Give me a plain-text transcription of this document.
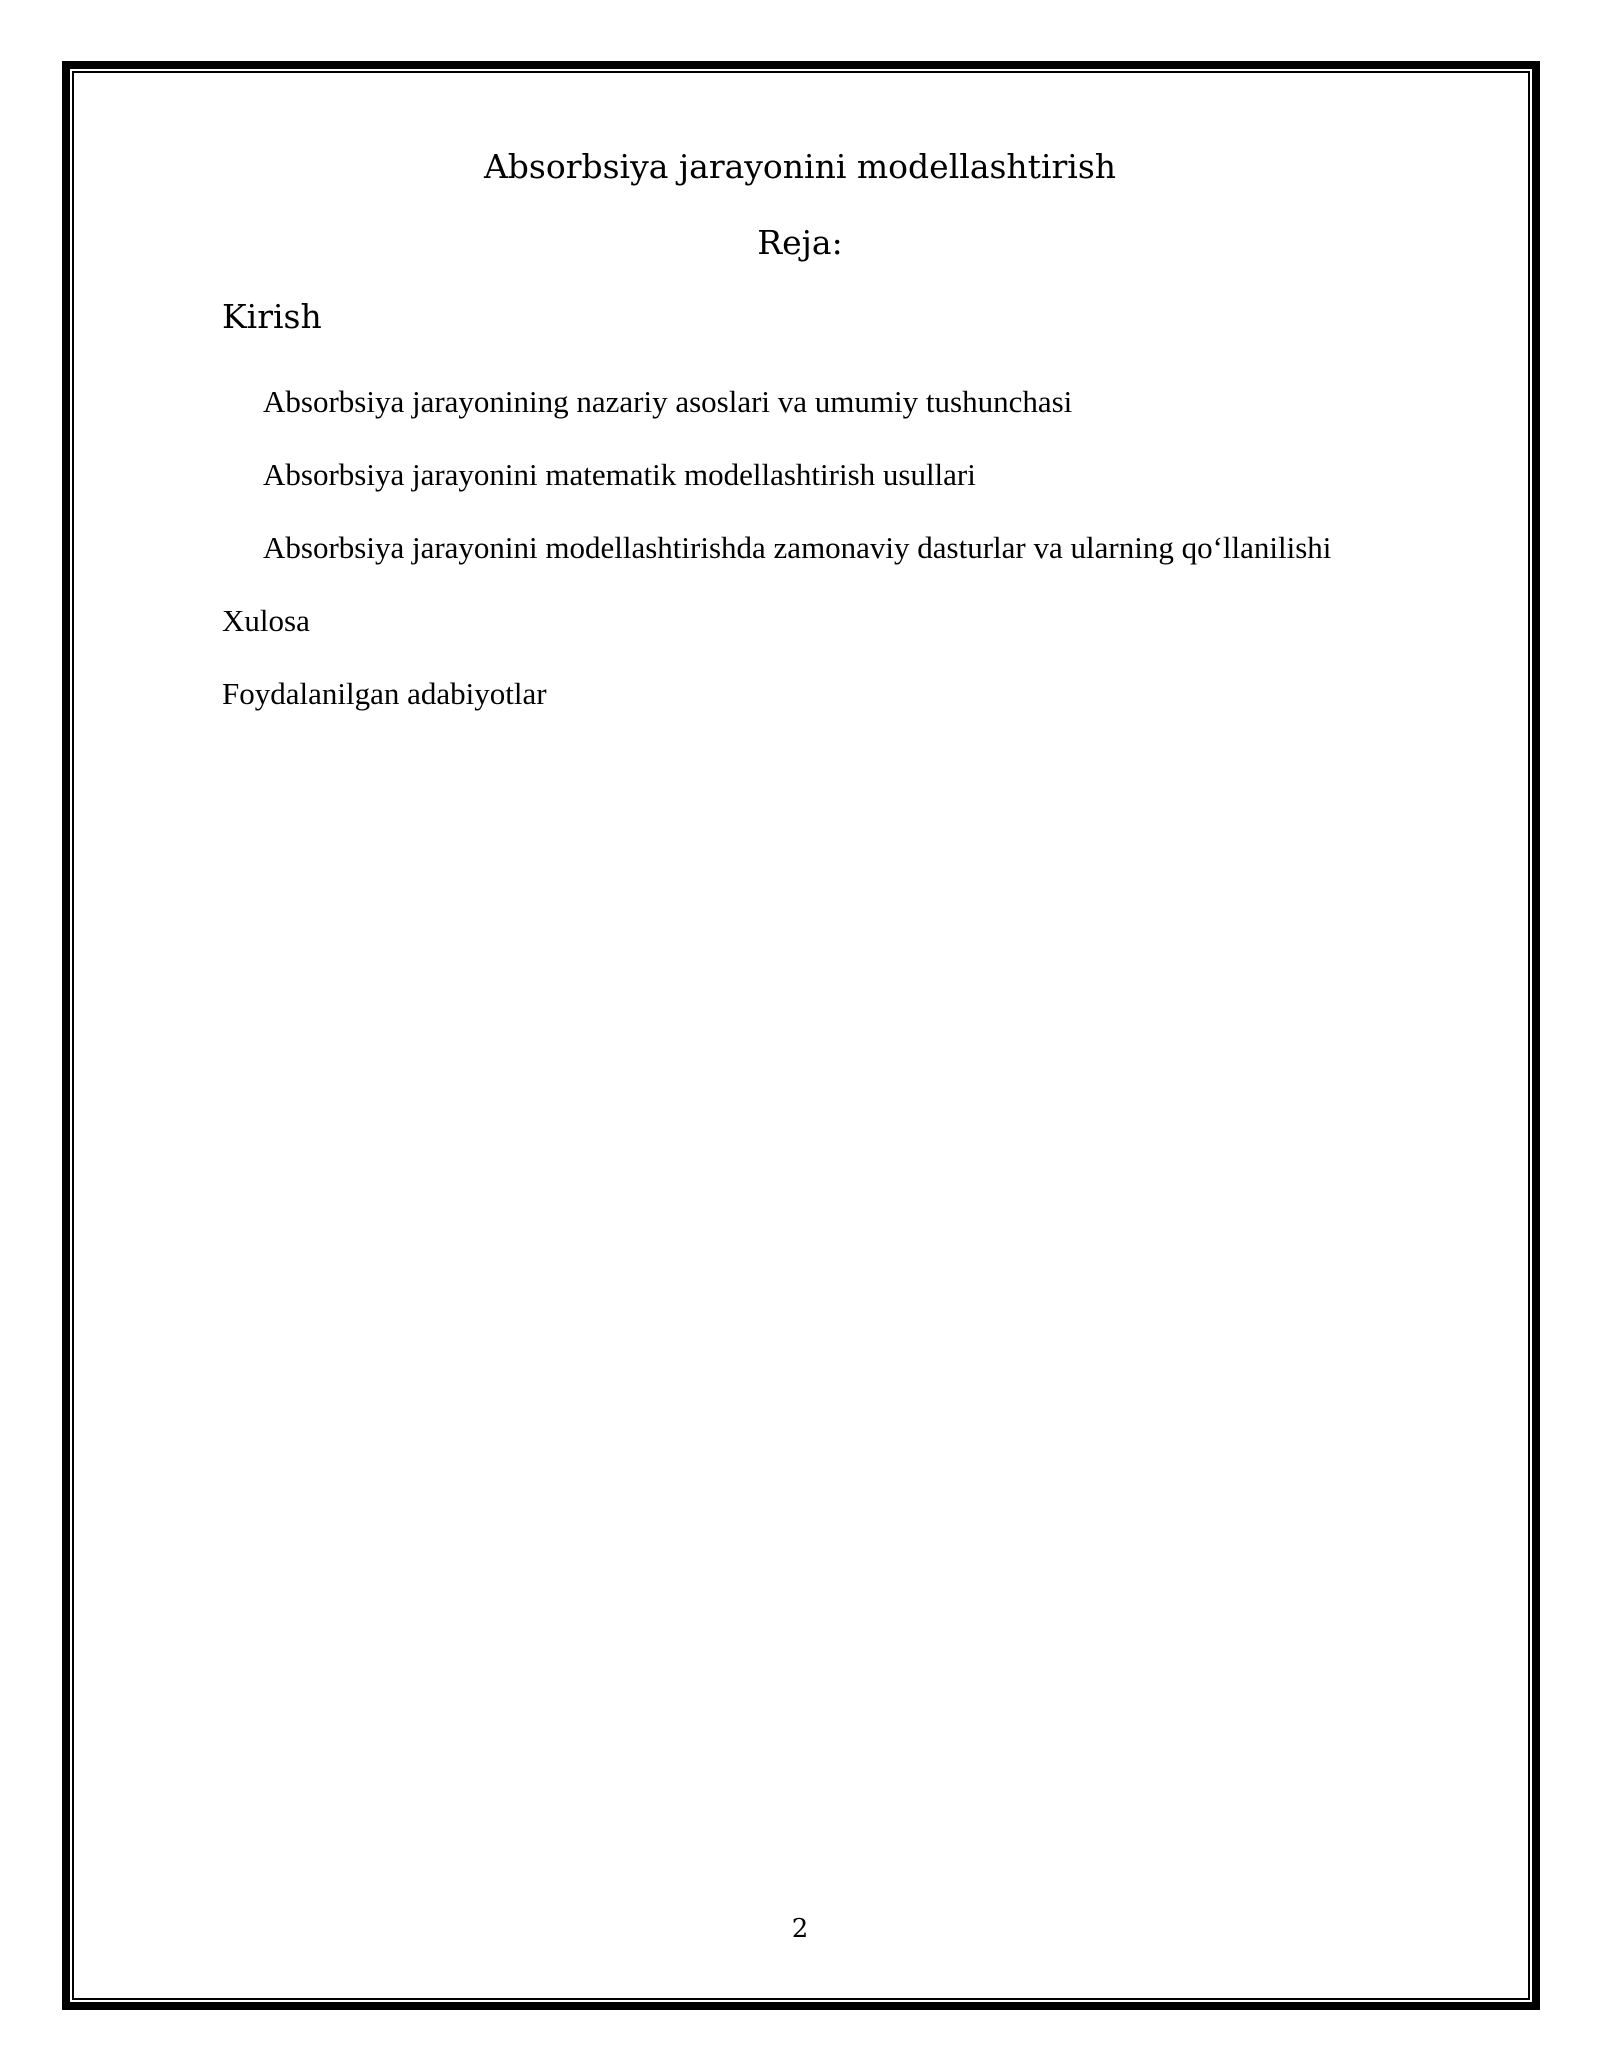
Absorbsiya jarayonini modellashtirish
Reja:
Kirish
Absorbsiya jarayonining nazariy asoslari va umumiy tushunchasi
Absorbsiya jarayonini matematik modellashtirish usullari
Absorbsiya jarayonini modellashtirishda zamonaviy dasturlar va ularning qo‘llanilishi
Xulosa
Foydalanilgan adabiyotlar
2
